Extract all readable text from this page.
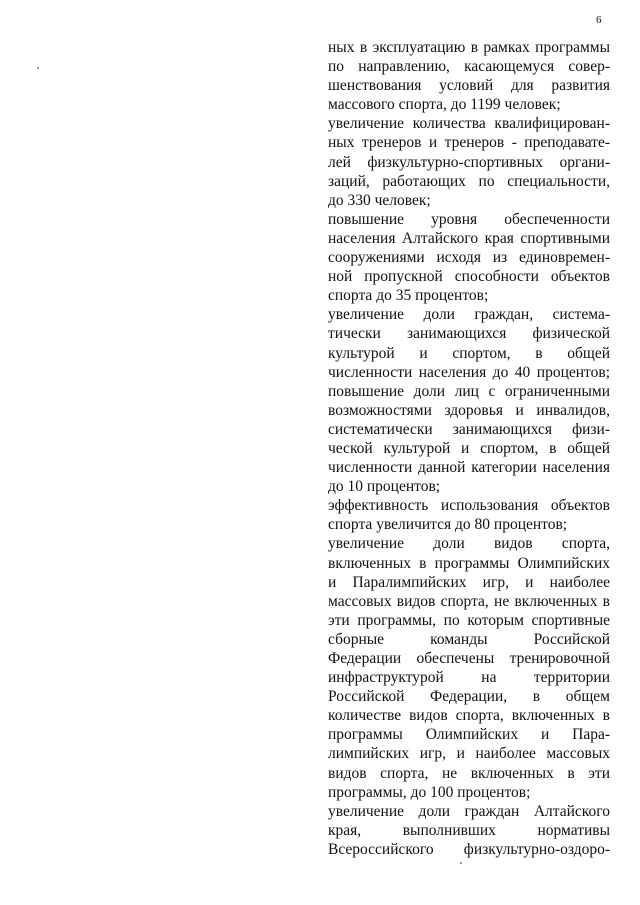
6
ных в эксплуатацию в рамках программы
по направлению, касающемуся совер-
шенствования условий для развития
массового спорта, до 1199 человек;
увеличение количества квалифицирован-
ных тренеров и тренеров - преподавате-
лей физкультурно-спортивных органи-
заций, работающих по специальности,
до 330 человек;
повышение уровня обеспеченности
населения Алтайского края спортивными
сооружениями исходя из единовремен-
ной пропускной способности объектов
спорта до 35 процентов;
увеличение доли граждан, система-
тически занимающихся физической
культурой и спортом, в общей
численности населения до 40 процентов;
повышение доли лиц с ограниченными
возможностями здоровья и инвалидов,
систематически занимающихся физи-
ческой культурой и спортом, в общей
численности данной категории населения
до 10 процентов;
эффективность использования объектов
спорта увеличится до 80 процентов;
увеличение доли видов спорта,
включенных в программы Олимпийских
и Паралимпийских игр, и наиболее
массовых видов спорта, не включенных в
эти программы, по которым спортивные
сборные команды Российской
Федерации обеспечены тренировочной
инфраструктурой на территории
Российской Федерации, в общем
количестве видов спорта, включенных в
программы Олимпийских и Пара-
лимпийских игр, и наиболее массовых
видов спорта, не включенных в эти
программы, до 100 процентов;
увеличение доли граждан Алтайского
края, выполнивших нормативы
Всероссийского физкультурно-оздоро-
